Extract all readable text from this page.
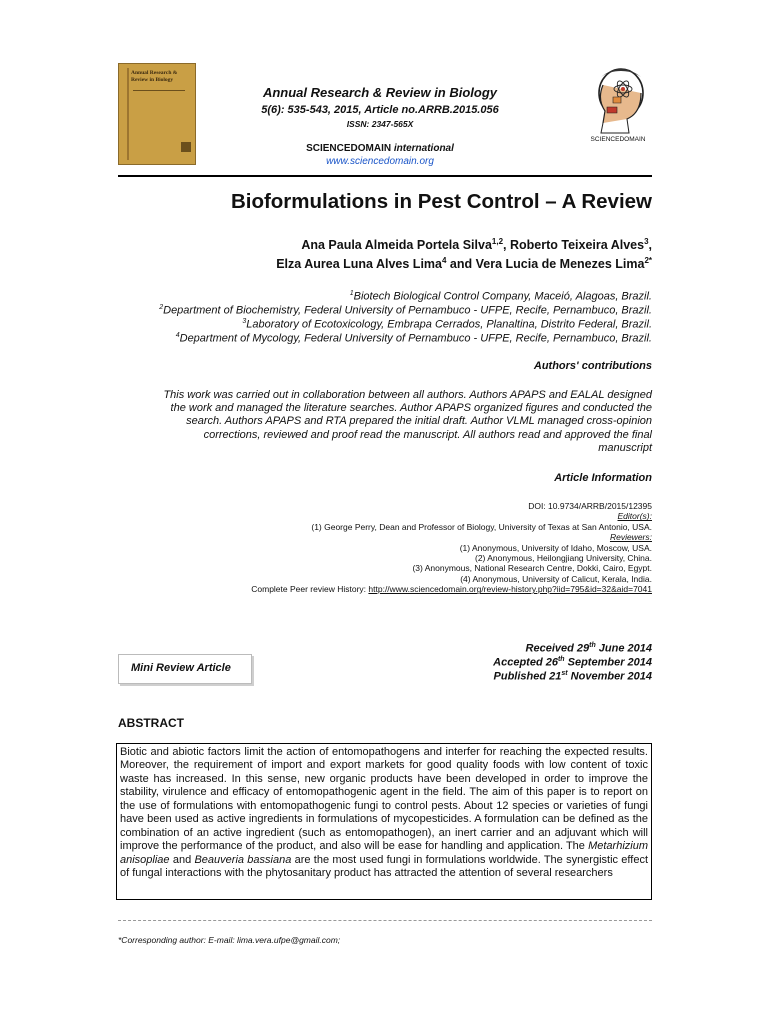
Annual Research & Review in Biology
Annual Research & Review in Biology
5(6): 535-543, 2015, Article no.ARRB.2015.056
ISSN: 2347-565X
SCIENCEDOMAIN international
www.sciencedomain.org
SCIENCEDOMAIN
Bioformulations in Pest Control – A Review
Ana Paula Almeida Portela Silva$^{1,2}$, Roberto Teixeira Alves$^3$,
Elza Aurea Luna Alves Lima$^4$ and Vera Lucia de Menezes Lima$^{2*}$
$^1$Biotech Biological Control Company, Maceió, Alagoas, Brazil.
$^2$Department of Biochemistry, Federal University of Pernambuco - UFPE, Recife, Pernambuco, Brazil.
$^3$Laboratory of Ecotoxicology, Embrapa Cerrados, Planaltina, Distrito Federal, Brazil.
$^4$Department of Mycology, Federal University of Pernambuco - UFPE, Recife, Pernambuco, Brazil.
Authors' contributions
This work was carried out in collaboration between all authors. Authors APAPS and EALAL designed
the work and managed the literature searches. Author APAPS organized figures and conducted the
search. Authors APAPS and RTA prepared the initial draft. Author VLML managed cross-opinion
corrections, reviewed and proof read the manuscript. All authors read and approved the final
manuscript
Article Information
DOI: 10.9734/ARRB/2015/12395
Editor(s):
(1) George Perry, Dean and Professor of Biology, University of Texas at San Antonio, USA.
Reviewers:
(1) Anonymous, University of Idaho, Moscow, USA.
(2) Anonymous, Heilongjiang University, China.
(3) Anonymous, National Research Centre, Dokki, Cairo, Egypt.
(4) Anonymous, University of Calicut, Kerala, India.
Complete Peer review History: http://www.sciencedomain.org/review-history.php?iid=795&id=32&aid=7041
Mini Review Article
Received 29th June 2014
Accepted 26th September 2014
Published 21st November 2014
ABSTRACT

Biotic and abiotic factors limit the action of entomopathogens and interfer for reaching the expected results. Moreover, the requirement of import and export markets for good quality foods with low content of toxic waste has increased. In this sense, new organic products have been developed in order to improve the stability, virulence and efficacy of entomopathogenic agent in the field. The aim of this paper is to report on the use of formulations with entomopathogenic fungi to control pests. About 12 species or varieties of fungi have been used as active ingredients in formulations of mycopesticides. A formulation can be defined as the combination of an active ingredient (such as entomopathogen), an inert carrier and an adjuvant which will improve the performance of the product, and also will be ease for handling and application. The Metarhizium anisopliae and Beauveria bassiana are the most used fungi in formulations worldwide. The synergistic effect of fungal interactions with the phytosanitary product has attracted the attention of several researchers

*Corresponding author: E-mail: lima.vera.ufpe@gmail.com;
